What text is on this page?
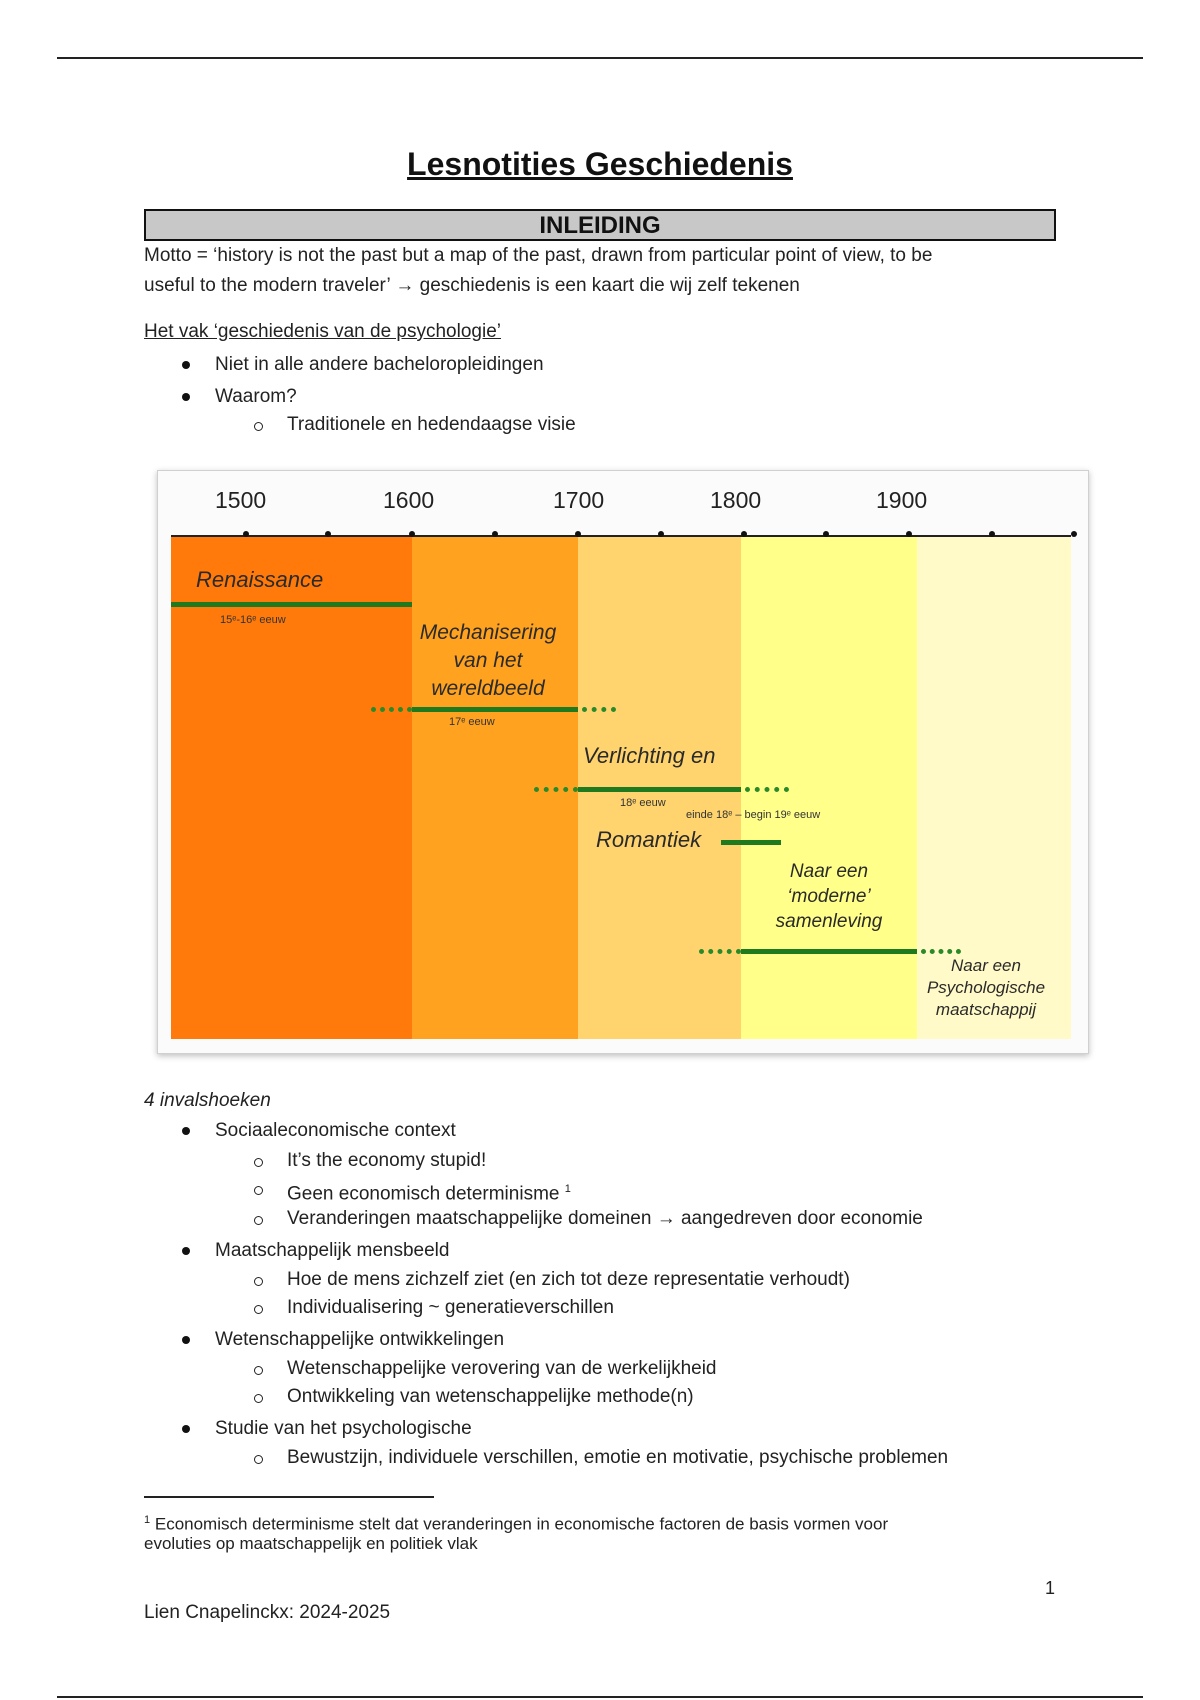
Lesnotities Geschiedenis
INLEIDING
Motto = ‘history is not the past but a map of the past, drawn from particular point of view, to be
useful to the modern traveler’ → geschiedenis is een kaart die wij zelf tekenen
Het vak ‘geschiedenis van de psychologie’
Niet in alle andere bacheloropleidingen
Waarom?
Traditionele en hedendaagse visie
1500	1600	1700	1800	1900
Renaissance
15ᵉ-16ᵉ eeuw
Mechanisering
van het
wereldbeeld
17ᵉ eeuw
Verlichting en
18ᵉ eeuw
einde 18ᵉ – begin 19ᵉ eeuw
Romantiek
Naar een
‘moderne’
samenleving
Naar een
Psychologische
maatschappij
4 invalshoeken
Sociaaleconomische context
It’s the economy stupid!
Geen economisch determinisme $^1$
Veranderingen maatschappelijke domeinen → aangedreven door economie
Maatschappelijk mensbeeld
Hoe de mens zichzelf ziet (en zich tot deze representatie verhoudt)
Individualisering ~ generatieverschillen
Wetenschappelijke ontwikkelingen
Wetenschappelijke verovering van de werkelijkheid
Ontwikkeling van wetenschappelijke methode(n)
Studie van het psychologische
Bewustzijn, individuele verschillen, emotie en motivatie, psychische problemen
$^1$ Economisch determinisme stelt dat veranderingen in economische factoren de basis vormen voor
evoluties op maatschappelijk en politiek vlak
1
Lien Cnapelinckx: 2024-2025
